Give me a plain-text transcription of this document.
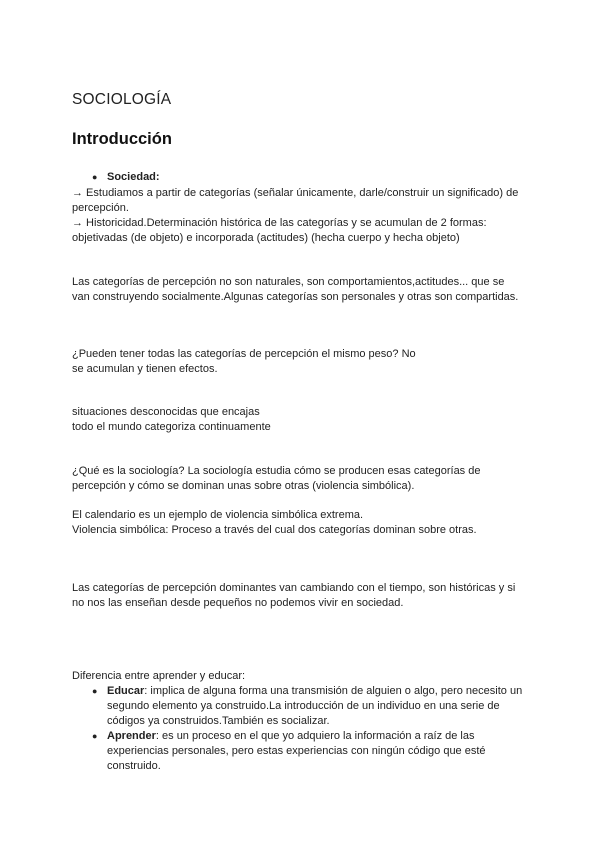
SOCIOLOGÍA
Introducción
● Sociedad:
→ Estudiamos a partir de categorías (señalar únicamente, darle/construir un significado) de
percepción.
→ Historicidad.Determinación histórica de las categorías y se acumulan de 2 formas:
objetivadas (de objeto) e incorporada (actitudes) (hecha cuerpo y hecha objeto)
Las categorías de percepción no son naturales, son comportamientos,actitudes... que se
van construyendo socialmente.Algunas categorías son personales y otras son compartidas.
¿Pueden tener todas las categorías de percepción el mismo peso? No
se acumulan y tienen efectos.
situaciones desconocidas que encajas
todo el mundo categoriza continuamente
¿Qué es la sociología? La sociología estudia cómo se producen esas categorías de
percepción y cómo se dominan unas sobre otras (violencia simbólica).
El calendario es un ejemplo de violencia simbólica extrema.
Violencia simbólica: Proceso a través del cual dos categorías dominan sobre otras.
Las categorías de percepción dominantes van cambiando con el tiempo, son históricas y si
no nos las enseñan desde pequeños no podemos vivir en sociedad.
Diferencia entre aprender y educar:
● Educar: implica de alguna forma una transmisión de alguien o algo, pero necesito un segundo elemento ya construido.La introducción de un individuo en una serie de códigos ya construidos.También es socializar.
● Aprender: es un proceso en el que yo adquiero la información a raíz de las experiencias personales, pero estas experiencias con ningún código que esté construido.
